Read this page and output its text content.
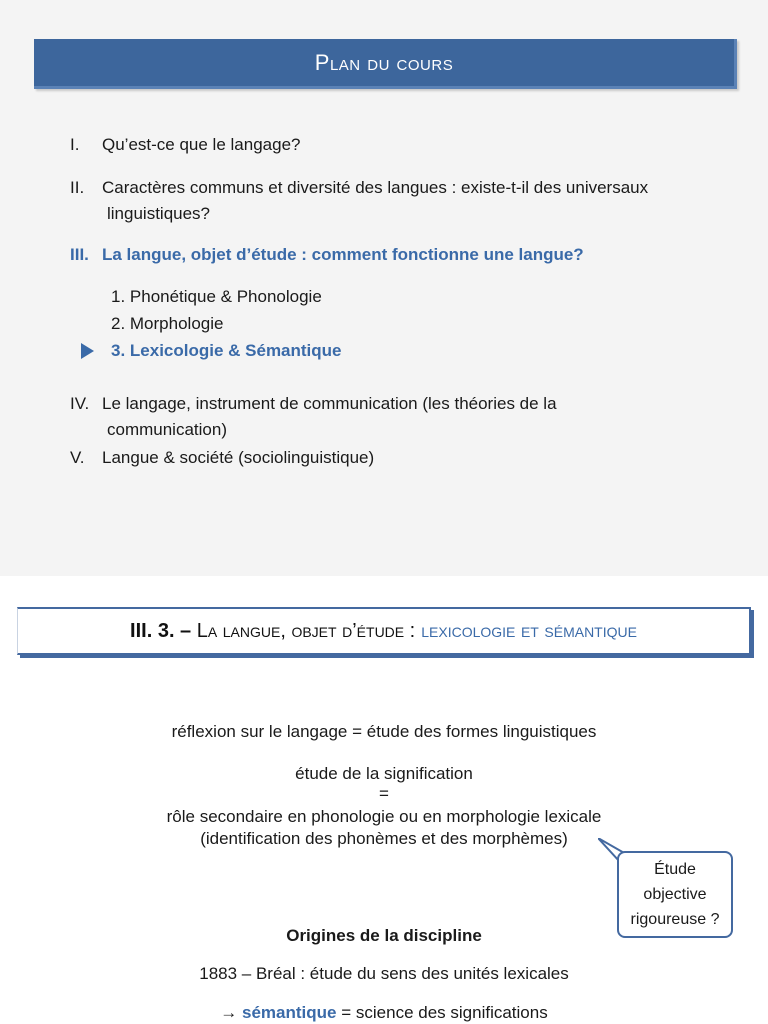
Plan du cours
I. Qu’est-ce que le langage?
II. Caractères communs et diversité des langues : existe-t-il des universaux
linguistiques?
III. La langue, objet d’étude : comment fonctionne une langue?
1. Phonétique & Phonologie
2. Morphologie
3. Lexicologie & Sémantique
IV. Le langage, instrument de communication (les théories de la
communication)
V. Langue & société (sociolinguistique)
III. 3. –
La langue, objet d’étude : lexicologie et sémantique
réflexion sur le langage = étude des formes linguistiques
étude de la signification
=
rôle secondaire en phonologie ou en morphologie lexicale
(identification des phonèmes et des morphèmes)
Étude
objective
rigoureuse ?
Origines de la discipline
1883 – Bréal : étude du sens des unités lexicales
→ sémantique = science des significations
